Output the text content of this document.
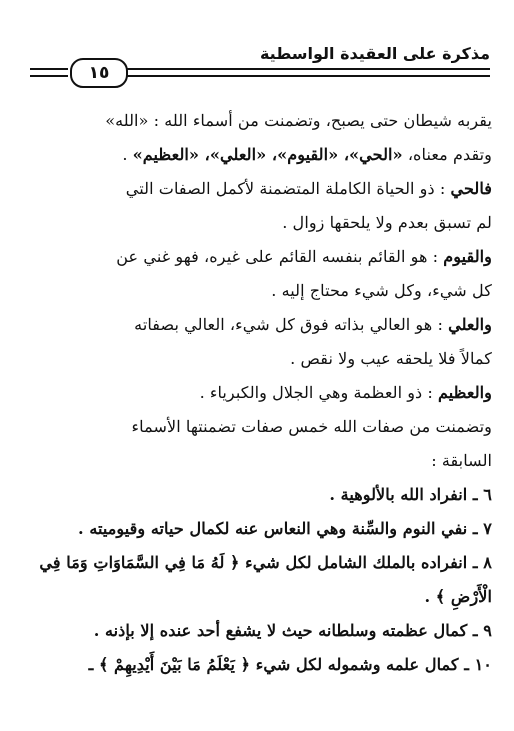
مذكرة على العقيدة الواسطية
١٥
يقربه شيطان حتى يصبح، وتضمنت من أسماء الله : «الله»
وتقدم معناه، «الحي»، «القيوم»، «العلي»، «العظيم» .
فالحي : ذو الحياة الكاملة المتضمنة لأكمل الصفات التي
لم تسبق بعدم ولا يلحقها زوال .
والقيوم : هو القائم بنفسه القائم على غيره، فهو غني عن
كل شيء، وكل شيء محتاج إليه .
والعلي : هو العالي بذاته فوق كل شيء، العالي بصفاته
كمالاً فلا يلحقه عيب ولا نقص .
والعظيم : ذو العظمة وهي الجلال والكبرياء .
وتضمنت من صفات الله خمس صفات تضمنتها الأسماء
السابقة :
٦ ـ انفراد الله بالألوهية .
٧ ـ نفي النوم والسِّنة وهي النعاس عنه لكمال حياته وقيوميته .
٨ ـ انفراده بالملك الشامل لكل شيء ﴿ لَهُ مَا فِي السَّمَاوَاتِ وَمَا فِي
الْأَرْضِ ﴾ .
٩ ـ كمال عظمته وسلطانه حيث لا يشفع أحد عنده إلا بإذنه .
١٠ ـ كمال علمه وشموله لكل شيء ﴿ يَعْلَمُ مَا بَيْنَ أَيْدِيهِمْ ﴾ ـ
